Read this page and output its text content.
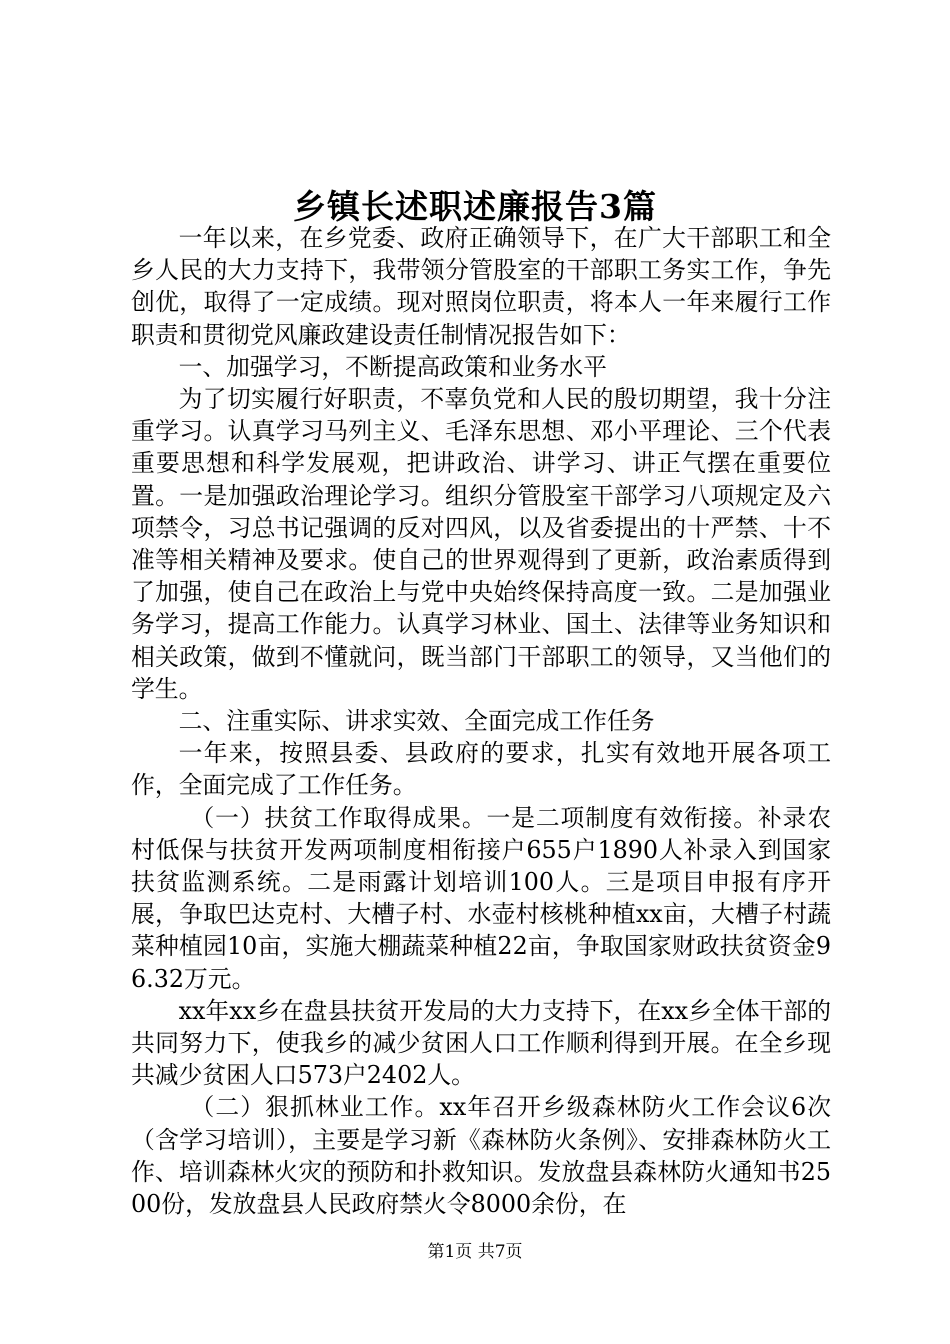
乡镇长述职述廉报告3篇

一年以来，在乡党委、政府正确领导下，在广大干部职工和全乡人民的大力支持下，我带领分管股室的干部职工务实工作，争先创优，取得了一定成绩。现对照岗位职责，将本人一年来履行工作职责和贯彻党风廉政建设责任制情况报告如下：

一、加强学习，不断提高政策和业务水平

为了切实履行好职责，不辜负党和人民的殷切期望，我十分注重学习。认真学习马列主义、毛泽东思想、邓小平理论、三个代表重要思想和科学发展观，把讲政治、讲学习、讲正气摆在重要位置。一是加强政治理论学习。组织分管股室干部学习八项规定及六项禁令，习总书记强调的反对四风，以及省委提出的十严禁、十不准等相关精神及要求。使自己的世界观得到了更新，政治素质得到了加强，使自己在政治上与党中央始终保持高度一致。二是加强业务学习，提高工作能力。认真学习林业、国土、法律等业务知识和相关政策，做到不懂就问，既当部门干部职工的领导，又当他们的学生。

二、注重实际、讲求实效、全面完成工作任务

一年来，按照县委、县政府的要求，扎实有效地开展各项工作，全面完成了工作任务。

（一）扶贫工作取得成果。一是二项制度有效衔接。补录农村低保与扶贫开发两项制度相衔接户655户1890人补录入到国家扶贫监测系统。二是雨露计划培训100人。三是项目申报有序开展，争取巴达克村、大槽子村、水壶村核桃种植xx亩，大槽子村蔬菜种植园10亩，实施大棚蔬菜种植22亩，争取国家财政扶贫资金96.32万元。

xx年xx乡在盘县扶贫开发局的大力支持下，在xx乡全体干部的共同努力下，使我乡的减少贫困人口工作顺利得到开展。在全乡现共减少贫困人口573户2402人。

（二）狠抓林业工作。xx年召开乡级森林防火工作会议6次（含学习培训），主要是学习新《森林防火条例》、安排森林防火工作、培训森林火灾的预防和扑救知识。发放盘县森林防火通知书2500份，发放盘县人民政府禁火令8000余份，在

第1页 共7页
